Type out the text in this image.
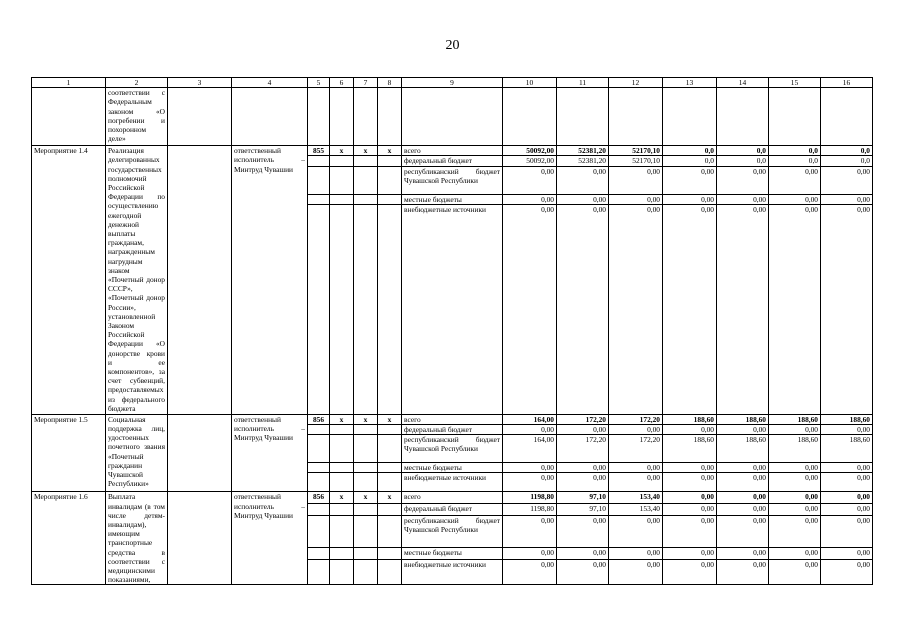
20
1	2	3	4	5	6	7	8	9	10	11	12	13	14	15	16
	соответствии с Федеральным законом «О погребении и похоронном деле»														
Мероприятие 1.4	Реализация делегированных государственных полномочий Российской Федерации по осуществлению ежегодной денежной выплаты гражданам, награжденным нагрудным знаком «Почетный донор СССР», «Почетный донор России», установленной Законом Российской Федерации «О донорстве крови и ее компонентов», за счет субвенций, предоставляемых из федерального бюджета		ответственный исполнитель – Минтруд Чувашии	855	x	x	x	всего	50092,00	52381,20	52170,10	0,0	0,0	0,0	0,0
								федеральный бюджет	50092,00	52381,20	52170,10	0,0	0,0	0,0	0,0
								республиканский бюджет Чувашской Республики	0,00	0,00	0,00	0,00	0,00	0,00	0,00
								местные бюджеты	0,00	0,00	0,00	0,00	0,00	0,00	0,00
								внебюджетные источники	0,00	0,00	0,00	0,00	0,00	0,00	0,00
Мероприятие 1.5	Социальная поддержка лиц, удостоенных почетного звания «Почетный гражданин Чувашской Республики»		ответственный исполнитель – Минтруд Чувашии	856	x	x	x	всего	164,00	172,20	172,20	188,60	188,60	188,60	188,60
								федеральный бюджет	0,00	0,00	0,00	0,00	0,00	0,00	0,00
								республиканский бюджет Чувашской Республики	164,00	172,20	172,20	188,60	188,60	188,60	188,60
								местные бюджеты	0,00	0,00	0,00	0,00	0,00	0,00	0,00
								внебюджетные источники	0,00	0,00	0,00	0,00	0,00	0,00	0,00
Мероприятие 1.6	Выплата инвалидам (в том числе детям-инвалидам), имеющим транспортные средства в соответствии с медицинскими показаниями,		ответственный исполнитель – Минтруд Чувашии	856	x	x	x	всего	1198,80	97,10	153,40	0,00	0,00	0,00	0,00
								федеральный бюджет	1198,80	97,10	153,40	0,00	0,00	0,00	0,00
								республиканский бюджет Чувашской Республики	0,00	0,00	0,00	0,00	0,00	0,00	0,00
								местные бюджеты	0,00	0,00	0,00	0,00	0,00	0,00	0,00
								внебюджетные источники	0,00	0,00	0,00	0,00	0,00	0,00	0,00
